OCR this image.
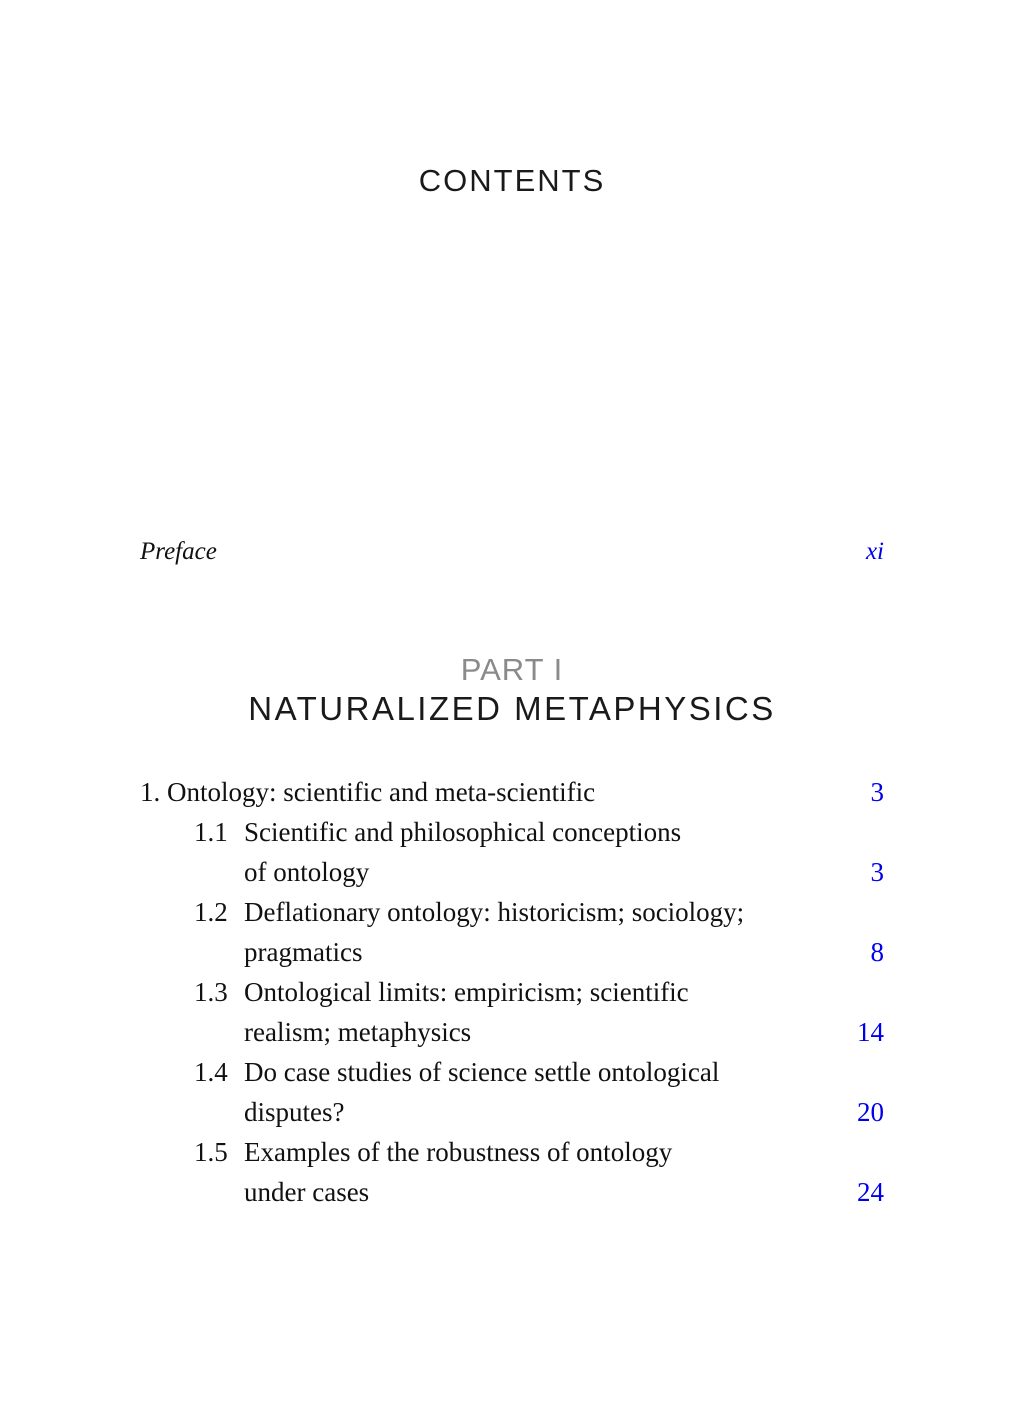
CONTENTS
Preface	xi
PART I
NATURALIZED METAPHYSICS
1. Ontology: scientific and meta-scientific	3
1.1 Scientific and philosophical conceptions
of ontology	3
1.2 Deflationary ontology: historicism; sociology;
pragmatics	8
1.3 Ontological limits: empiricism; scientific
realism; metaphysics	14
1.4 Do case studies of science settle ontological
disputes?	20
1.5 Examples of the robustness of ontology
under cases	24
